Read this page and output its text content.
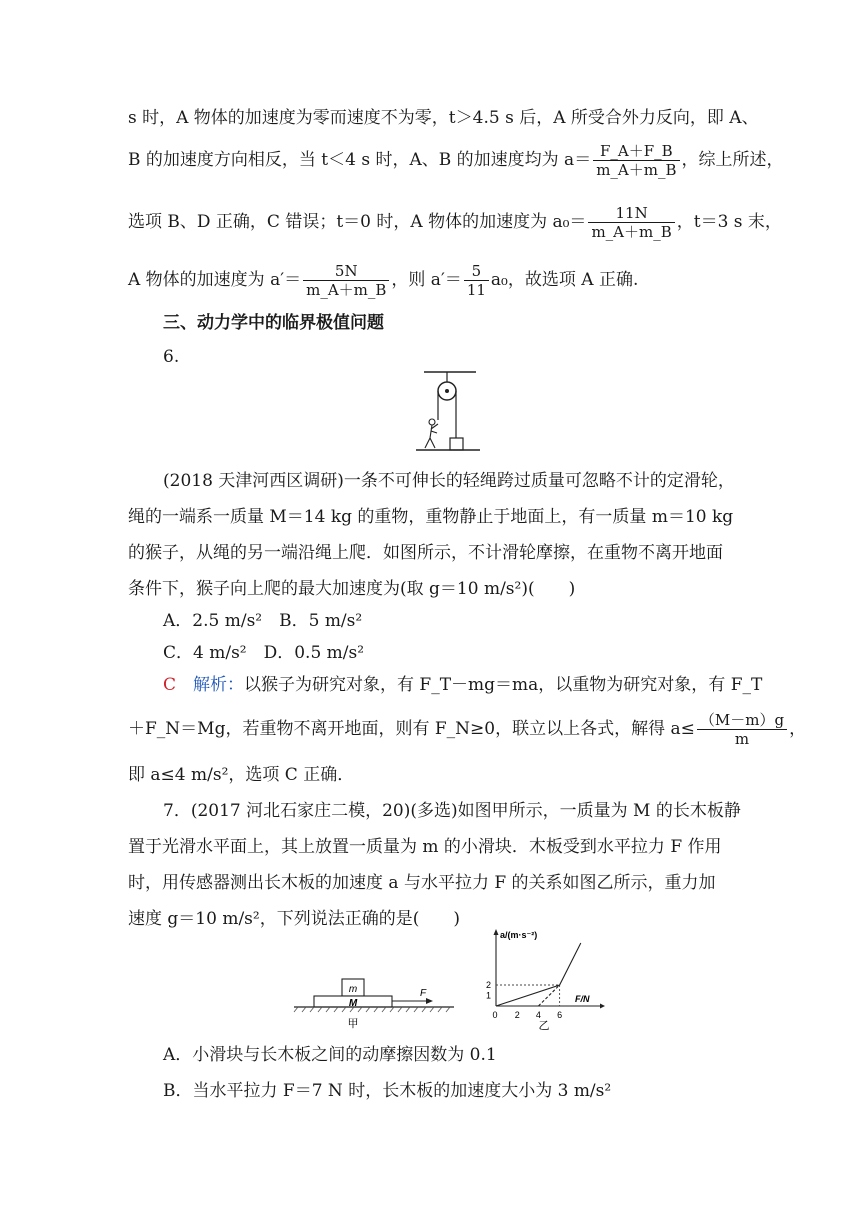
s 时，A 物体的加速度为零而速度不为零，t＞4.5 s 后，A 所受合外力反向，即 A、
B 的加速度方向相反，当 t＜4 s 时，A、B 的加速度均为 $a= \frac{F\_A+F\_B}{m\_A+m\_B}$ ，综上所述，
选项 B、D 正确，C 错误；t＝0 时，A 物体的加速度为 $a_0= \frac{11N}{m\_A+m\_B}$ ，t＝3 s 末，
A 物体的加速度为 $a'= \frac{5N}{m\_A+m\_B}$ ，则 $a'= \frac{5}{11} a_0$，故选项 A 正确.
三、动力学中的临界极值问题
6.
(2018 天津河西区调研)一条不可伸长的轻绳跨过质量可忽略不计的定滑轮，
绳的一端系一质量 M＝14 kg 的重物，重物静止于地面上，有一质量 m＝10 kg
的猴子，从绳的另一端沿绳上爬．如图所示，不计滑轮摩擦，在重物不离开地面
条件下，猴子向上爬的最大加速度为(取 g＝10 m/s²)(　　)
A．2.5 m/s²　B．5 m/s²
C．4 m/s²　D．0.5 m/s²
C　 解析：以猴子为研究对象，有 F_T－mg＝ma，以重物为研究对象，有 F_T
＋F_N＝Mg，若重物不离开地面，则有 F_N≥0，联立以上各式，解得 $a\le \frac{(M-m)g}{m}$ ，
即 a≤4 m/s²，选项 C 正确．
7．(2017 河北石家庄二模，20)(多选)如图甲所示，一质量为 M 的长木板静
置于光滑水平面上，其上放置一质量为 m 的小滑块．木板受到水平拉力 F 作用
时，用传感器测出长木板的加速度 a 与水平拉力 F 的关系如图乙所示，重力加
速度 g＝10 m/s²，下列说法正确的是(　　)
m
M
F
甲
a/(m·s⁻²)
F/N
0 2 4 6
1
2
乙
A．小滑块与长木板之间的动摩擦因数为 0.1
B．当水平拉力 F＝7 N 时，长木板的加速度大小为 3 m/s²
